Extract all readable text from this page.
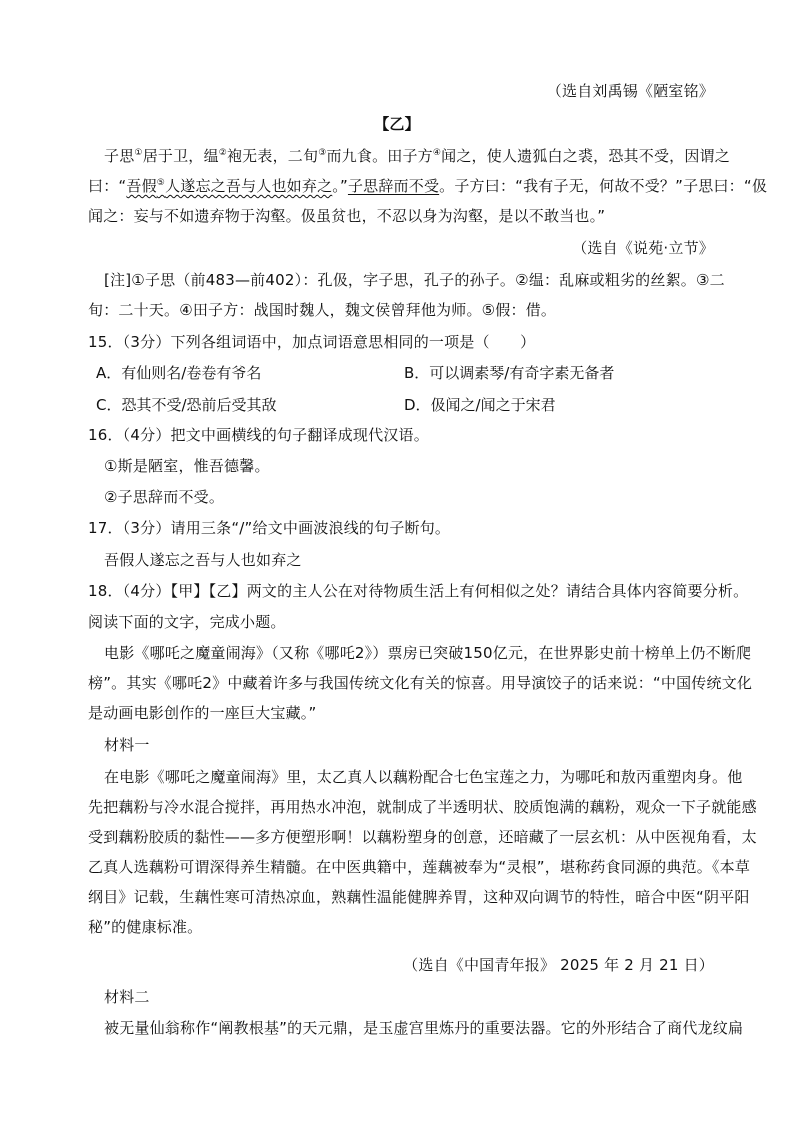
（选自刘禹锡《陋室铭》
【乙】
子思①居于卫，缊②袍无表，二旬③而九食。田子方④闻之，使人遗狐白之裘，恐其不受，因谓之
曰：“吾假⑤人遂忘之吾与人也如弃之。”子思辞而不受。子方曰：“我有子无，何故不受？”子思曰：“伋
闻之：妄与不如遗弃物于沟壑。伋虽贫也，不忍以身为沟壑，是以不敢当也。”
（选自《说苑·立节》
[注]①子思（前483—前402）：孔伋，字子思，孔子的孙子。②缊：乱麻或粗劣的丝絮。③二
旬：二十天。④田子方：战国时魏人，魏文侯曾拜他为师。⑤假：借。
15．（3分）下列各组词语中，加点词语意思相同的一项是（　　）
A．有仙则名/卷卷有爷名	B．可以调素琴/有奇字素无备者
C．恐其不受/恐前后受其敌	D．伋闻之/闻之于宋君
16．（4分）把文中画横线的句子翻译成现代汉语。
①斯是陋室，惟吾德馨。
②子思辞而不受。
17．（3分）请用三条“/”给文中画波浪线的句子断句。
吾假人遂忘之吾与人也如弃之
18．（4分）【甲】【乙】两文的主人公在对待物质生活上有何相似之处？请结合具体内容简要分析。
阅读下面的文字，完成小题。
电影《哪吒之魔童闹海》（又称《哪吒2》）票房已突破150亿元，在世界影史前十榜单上仍不断爬
榜”。其实《哪吒2》中藏着许多与我国传统文化有关的惊喜。用导演饺子的话来说：“中国传统文化
是动画电影创作的一座巨大宝藏。”
材料一
在电影《哪吒之魔童闹海》里，太乙真人以藕粉配合七色宝莲之力，为哪吒和敖丙重塑肉身。他
先把藕粉与冷水混合搅拌，再用热水冲泡，就制成了半透明状、胶质饱满的藕粉，观众一下子就能感
受到藕粉胶质的黏性——多方便塑形啊！以藕粉塑身的创意，还暗藏了一层玄机：从中医视角看，太
乙真人选藕粉可谓深得养生精髓。在中医典籍中，莲藕被奉为“灵根”，堪称药食同源的典范。《本草
纲目》记载，生藕性寒可清热凉血，熟藕性温能健脾养胃，这种双向调节的特性，暗合中医“阴平阳
秘”的健康标准。
（选自《中国青年报》 2025 年 2 月 21 日）
材料二
被无量仙翁称作“阐教根基”的天元鼎，是玉虚宫里炼丹的重要法器。它的外形结合了商代龙纹扁
